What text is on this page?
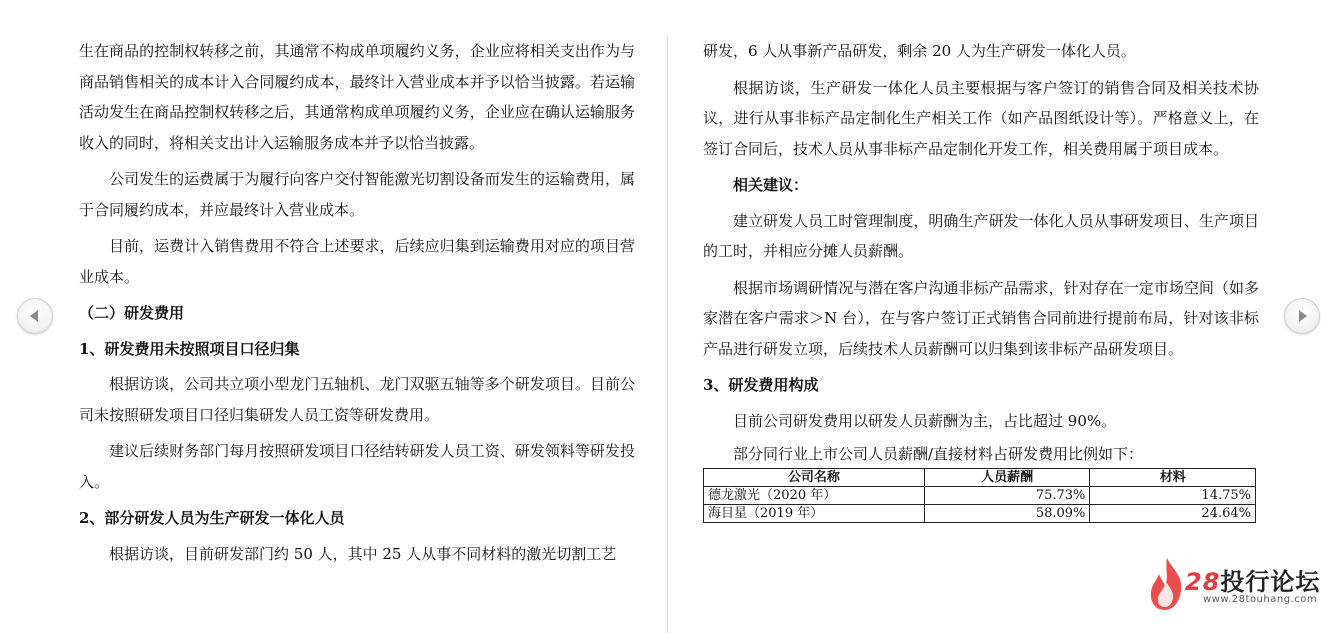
生在商品的控制权转移之前，其通常不构成单项履约义务，企业应将相关支出作为与商品销售相关的成本计入合同履约成本，最终计入营业成本并予以恰当披露。若运输活动发生在商品控制权转移之后，其通常构成单项履约义务，企业应在确认运输服务收入的同时，将相关支出计入运输服务成本并予以恰当披露。

公司发生的运费属于为履行向客户交付智能激光切割设备而发生的运输费用，属于合同履约成本，并应最终计入营业成本。

目前，运费计入销售费用不符合上述要求，后续应归集到运输费用对应的项目营业成本。

（二）研发费用
1、研发费用未按照项目口径归集

根据访谈，公司共立项小型龙门五轴机、龙门双驱五轴等多个研发项目。目前公司未按照研发项目口径归集研发人员工资等研发费用。

建议后续财务部门每月按照研发项目口径结转研发人员工资、研发领料等研发投入。

2、部分研发人员为生产研发一体化人员

根据访谈，目前研发部门约 50 人，其中 25 人从事不同材料的激光切割工艺

研发，6 人从事新产品研发，剩余 20 人为生产研发一体化人员。

根据访谈，生产研发一体化人员主要根据与客户签订的销售合同及相关技术协议，进行从事非标产品定制化生产相关工作（如产品图纸设计等）。严格意义上，在签订合同后，技术人员从事非标产品定制化开发工作，相关费用属于项目成本。

相关建议：

建立研发人员工时管理制度，明确生产研发一体化人员从事研发项目、生产项目的工时，并相应分摊人员薪酬。

根据市场调研情况与潜在客户沟通非标产品需求，针对存在一定市场空间（如多家潜在客户需求＞N 台），在与客户签订正式销售合同前进行提前布局，针对该非标产品进行研发立项，后续技术人员薪酬可以归集到该非标产品研发项目。

3、研发费用构成

目前公司研发费用以研发人员薪酬为主，占比超过 90%。

部分同行业上市公司人员薪酬/直接材料占研发费用比例如下：

公司名称	人员薪酬	材料
德龙激光（2020 年）	75.73%	14.75%
海目星（2019 年）	58.09%	24.64%
28投行论坛
www.28touhang.com
